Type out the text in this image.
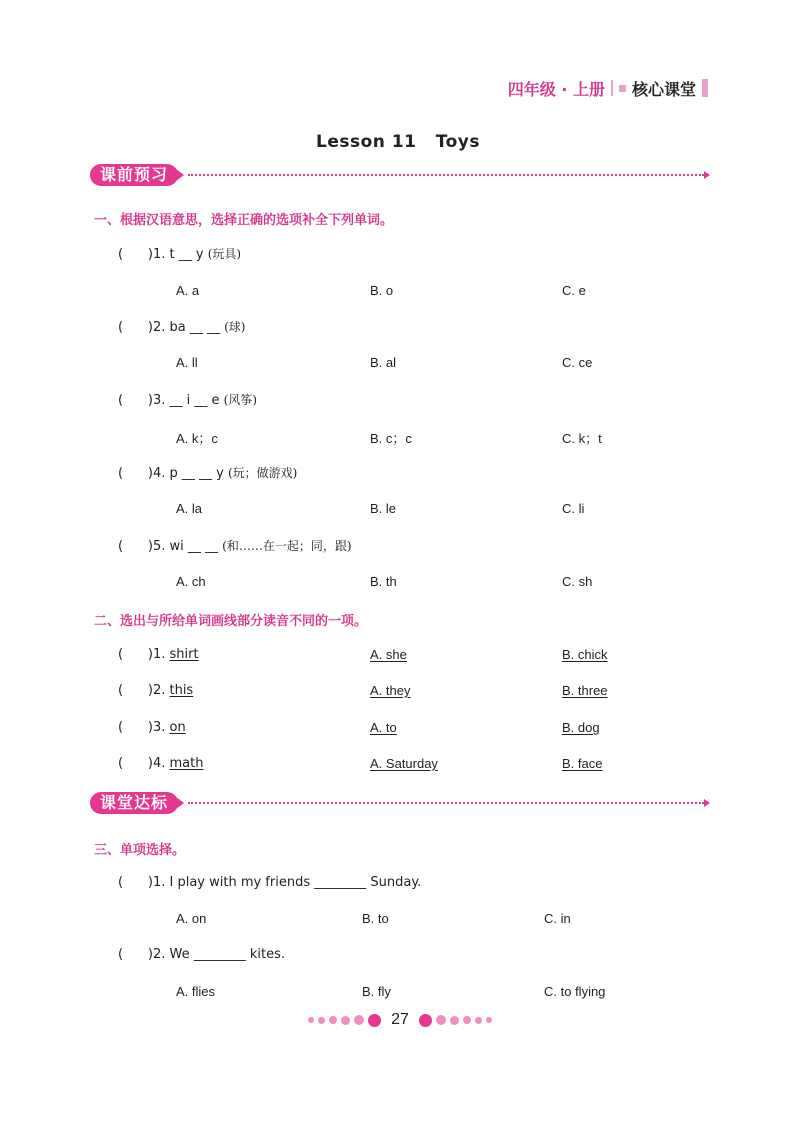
四年级 · 上册 核心课堂
Lesson 11   Toys
课前预习
一、根据汉语意思，选择正确的选项补全下列单词。
(      )1. t __ y (玩具)
A. a	B. o	C. e
(      )2. ba __ __ (球)
A. ll	B. al	C. ce
(      )3. __ i __ e (风筝)
A. k；c	B. c；c	C. k；t
(      )4. p __ __ y (玩；做游戏)
A. la	B. le	C. li
(      )5. wi __ __ (和……在一起；同，跟)
A. ch	B. th	C. sh
二、选出与所给单词画线部分读音不同的一项。
(      )1. shirt	A. she	B. chick
(      )2. this	A. they	B. three
(      )3. on	A. to	B. dog
(      )4. math	A. Saturday	B. face
课堂达标
三、单项选择。
(      )1. I play with my friends ________ Sunday.
A. on	B. to	C. in
(      )2. We ________ kites.
A. flies	B. fly	C. to flying
27
